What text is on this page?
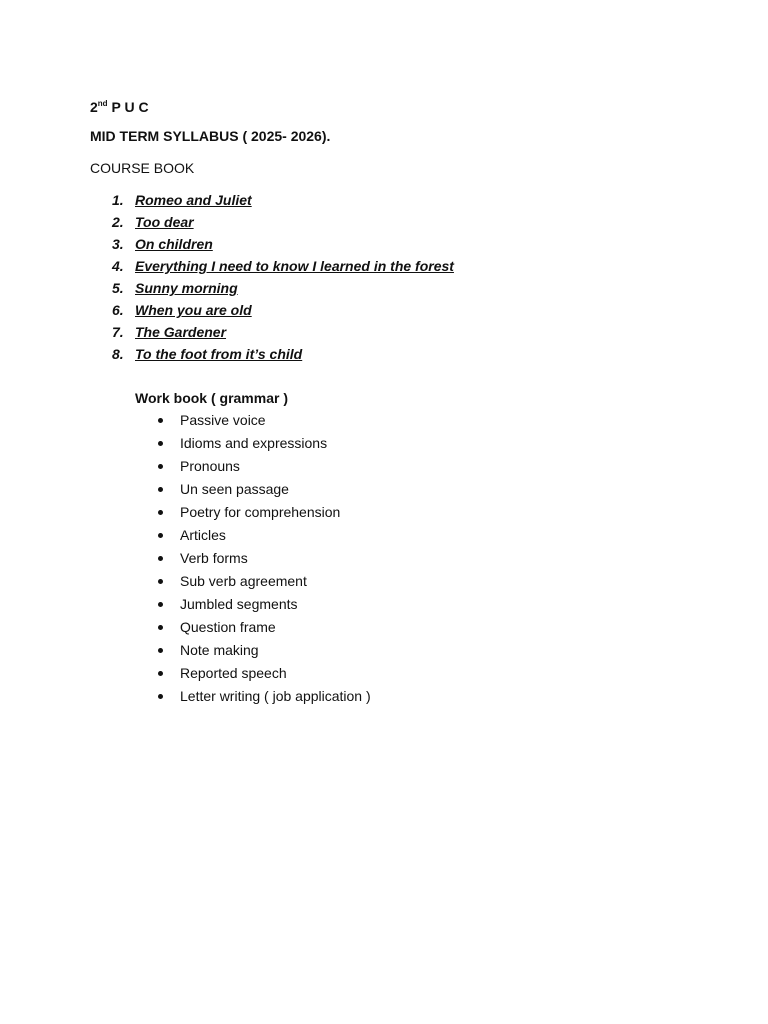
2nd P U C
MID TERM SYLLABUS ( 2025- 2026).
COURSE BOOK
1. Romeo and Juliet
2. Too dear
3. On children
4. Everything I need to know I learned in the forest
5. Sunny morning
6. When you are old
7. The Gardener
8. To the foot from it’s child
Work book ( grammar )
Passive voice
Idioms and expressions
Pronouns
Un seen passage
Poetry for comprehension
Articles
Verb forms
Sub verb agreement
Jumbled segments
Question frame
Note making
Reported speech
Letter writing ( job application )
